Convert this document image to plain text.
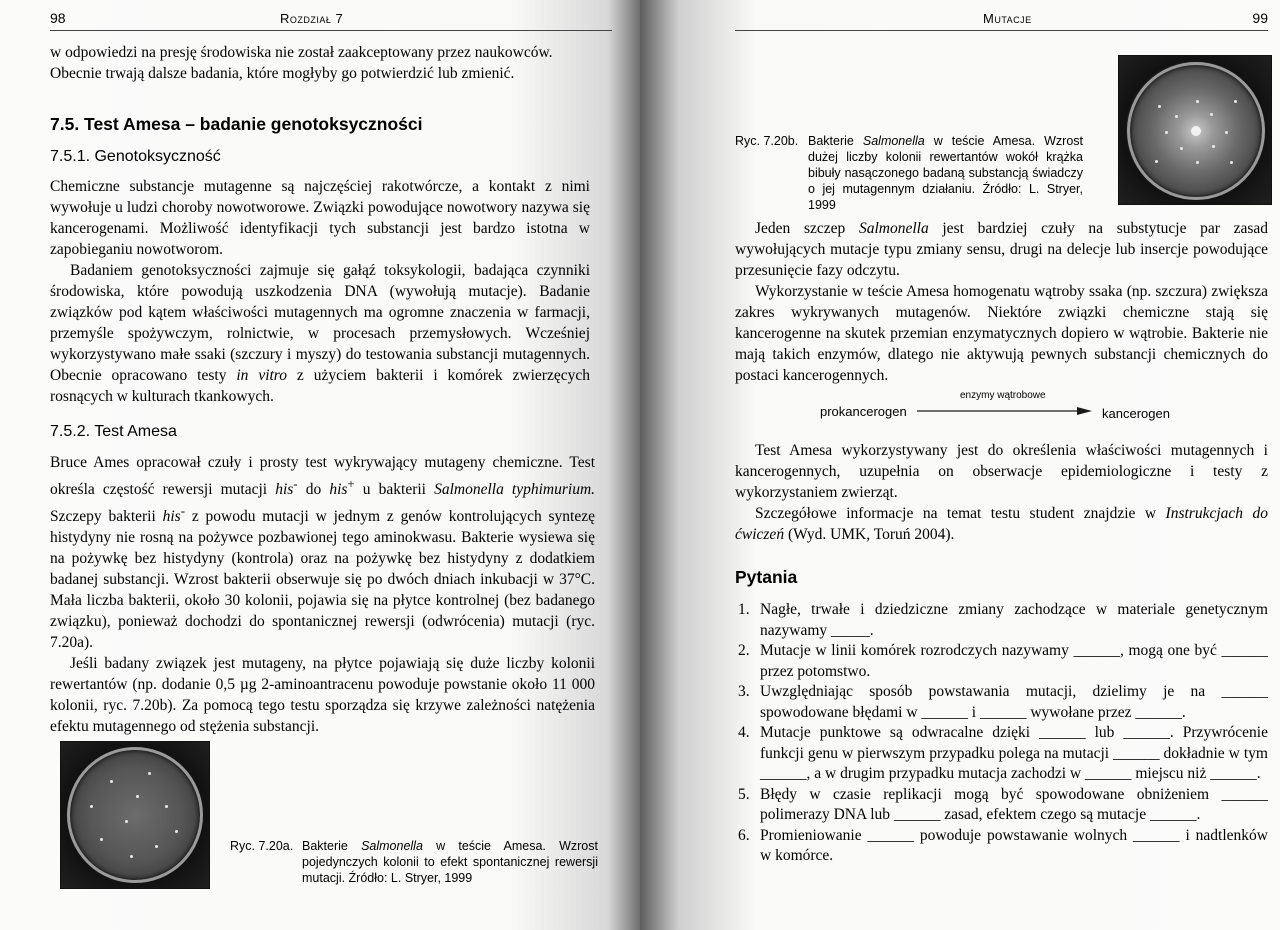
98	Rozdział 7

w odpowiedzi na presję środowiska nie został zaakceptowany przez naukowców.

Obecnie trwają dalsze badania, które mogłyby go potwierdzić lub zmienić.

7.5. Test Amesa – badanie genotoksyczności
7.5.1. Genotoksyczność

Chemiczne substancje mutagenne są najczęściej rakotwórcze, a kontakt z nimi wywołuje u ludzi choroby nowotworowe. Związki powodujące nowotwory nazywa się kancerogenami. Możliwość identyfikacji tych substancji jest bardzo istotna w zapobieganiu nowotworom.

Badaniem genotoksyczności zajmuje się gałąź toksykologii, badająca czynniki środowiska, które powodują uszkodzenia DNA (wywołują mutacje). Badanie związków pod kątem właściwości mutagennych ma ogromne znaczenia w farmacji, przemyśle spożywczym, rolnictwie, w procesach przemysłowych. Wcześniej wykorzystywano małe ssaki (szczury i myszy) do testowania substancji mutagennych. Obecnie opracowano testy in vitro z użyciem bakterii i komórek zwierzęcych rosnących w kulturach tkankowych.

7.5.2. Test Amesa

Bruce Ames opracował czuły i prosty test wykrywający mutageny chemiczne. Test określa częstość rewersji mutacji his- do his+ u bakterii Salmonella typhimurium. Szczepy bakterii his- z powodu mutacji w jednym z genów kontrolujących syntezę histydyny nie rosną na pożywce pozbawionej tego aminokwasu. Bakterie wysiewa się na pożywkę bez histydyny (kontrola) oraz na pożywkę bez histydyny z dodatkiem badanej substancji. Wzrost bakterii obserwuje się po dwóch dniach inkubacji w 37°C. Mała liczba bakterii, około 30 kolonii, pojawia się na płytce kontrolnej (bez badanego związku), ponieważ dochodzi do spontanicznej rewersji (odwrócenia) mutacji (ryc. 7.20a).

Jeśli badany związek jest mutageny, na płytce pojawiają się duże liczby kolonii rewertantów (np. dodanie 0,5 µg 2-aminoantracenu powoduje powstanie około 11 000 kolonii, ryc. 7.20b). Za pomocą tego testu sporządza się krzywe zależności natężenia efektu mutagennego od stężenia substancji.

Ryc. 7.20a. Bakterie Salmonella w teście Amesa. Wzrost pojedynczych kolonii to efekt spontanicznej rewersji mutacji. Źródło: L. Stryer, 1999
Mutacje	99
Ryc. 7.20b. Bakterie Salmonella w teście Amesa. Wzrost dużej liczby kolonii rewertantów wokół krążka bibuły nasączonego badaną substancją świadczy o jej mutagennym działaniu. Źródło: L. Stryer, 1999

Jeden szczep Salmonella jest bardziej czuły na substytucje par zasad wywołujących mutacje typu zmiany sensu, drugi na delecje lub insercje powodujące przesunięcie fazy odczytu.

Wykorzystanie w teście Amesa homogenatu wątroby ssaka (np. szczura) zwiększa zakres wykrywanych mutagenów. Niektóre związki chemiczne stają się kancerogenne na skutek przemian enzymatycznych dopiero w wątrobie. Bakterie nie mają takich enzymów, dlatego nie aktywują pewnych substancji chemicznych do postaci kancerogennych.

enzymy wątrobowe
prokancerogen	kancerogen

Test Amesa wykorzystywany jest do określenia właściwości mutagennych i kancerogennych, uzupełnia on obserwacje epidemiologiczne i testy z wykorzystaniem zwierząt.

Szczegółowe informacje na temat testu student znajdzie w Instrukcjach do ćwiczeń (Wyd. UMK, Toruń 2004).

Pytania
1. Nagłe, trwałe i dziedziczne zmiany zachodzące w materiale genetycznym nazywamy _____.
2. Mutacje w linii komórek rozrodczych nazywamy ______, mogą one być ______ przez potomstwo.
3. Uwzględniając sposób powstawania mutacji, dzielimy je na ______ spowodowane błędami w ______ i ______ wywołane przez ______.
4. Mutacje punktowe są odwracalne dzięki ______ lub ______. Przywrócenie funkcji genu w pierwszym przypadku polega na mutacji ______ dokładnie w tym ______, a w drugim przypadku mutacja zachodzi w ______ miejscu niż ______.
5. Błędy w czasie replikacji mogą być spowodowane obniżeniem ______ polimerazy DNA lub ______ zasad, efektem czego są mutacje ______.
6. Promieniowanie ______ powoduje powstawanie wolnych ______ i nadtlenków w komórce.
